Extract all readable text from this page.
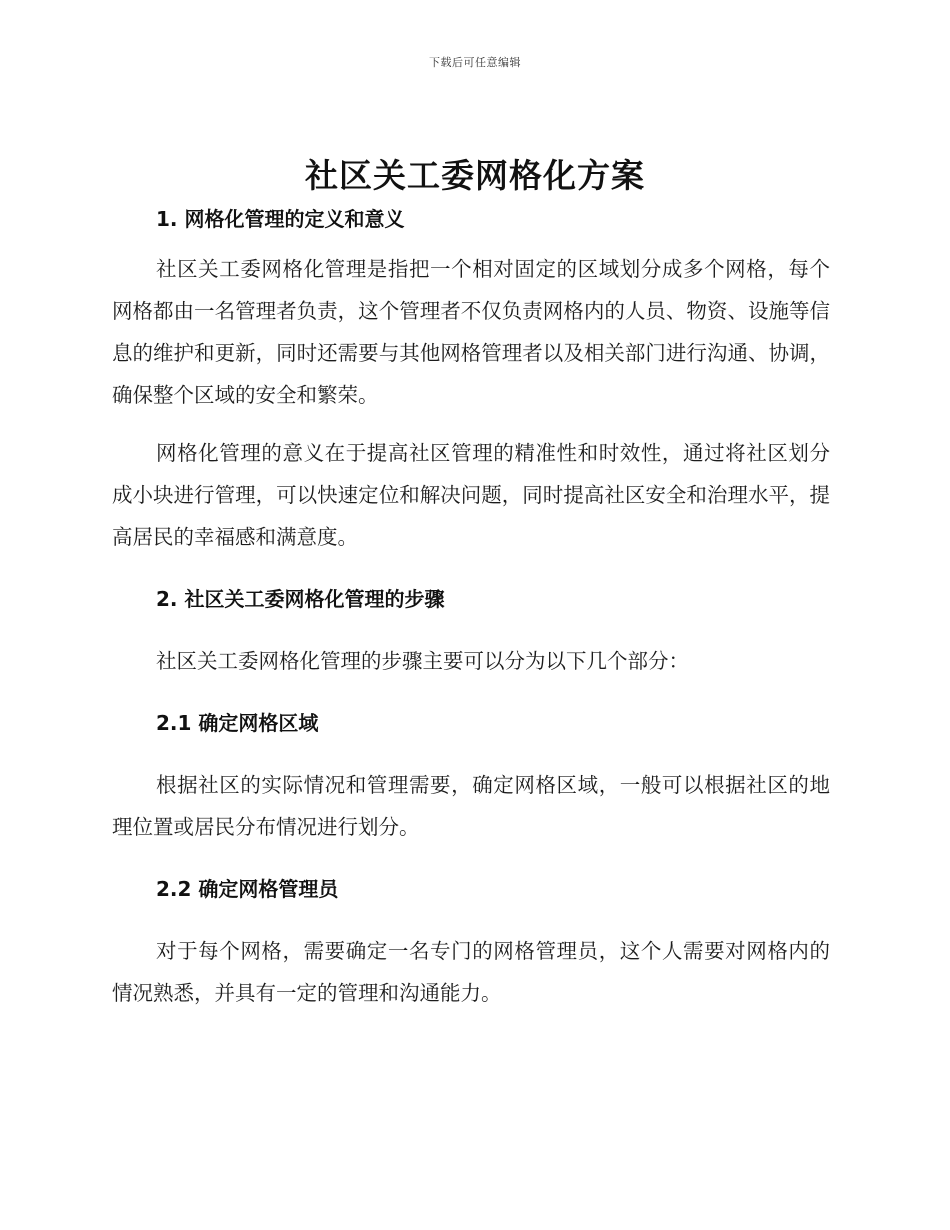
下载后可任意编辑
社区关工委网格化方案
1. 网格化管理的定义和意义

社区关工委网格化管理是指把一个相对固定的区域划分成多个网格，每个网格都由一名管理者负责，这个管理者不仅负责网格内的人员、物资、设施等信息的维护和更新，同时还需要与其他网格管理者以及相关部门进行沟通、协调，确保整个区域的安全和繁荣。

网格化管理的意义在于提高社区管理的精准性和时效性，通过将社区划分成小块进行管理，可以快速定位和解决问题，同时提高社区安全和治理水平，提高居民的幸福感和满意度。

2. 社区关工委网格化管理的步骤

社区关工委网格化管理的步骤主要可以分为以下几个部分：

2.1 确定网格区域

根据社区的实际情况和管理需要，确定网格区域，一般可以根据社区的地理位置或居民分布情况进行划分。

2.2 确定网格管理员

对于每个网格，需要确定一名专门的网格管理员，这个人需要对网格内的情况熟悉，并具有一定的管理和沟通能力。
